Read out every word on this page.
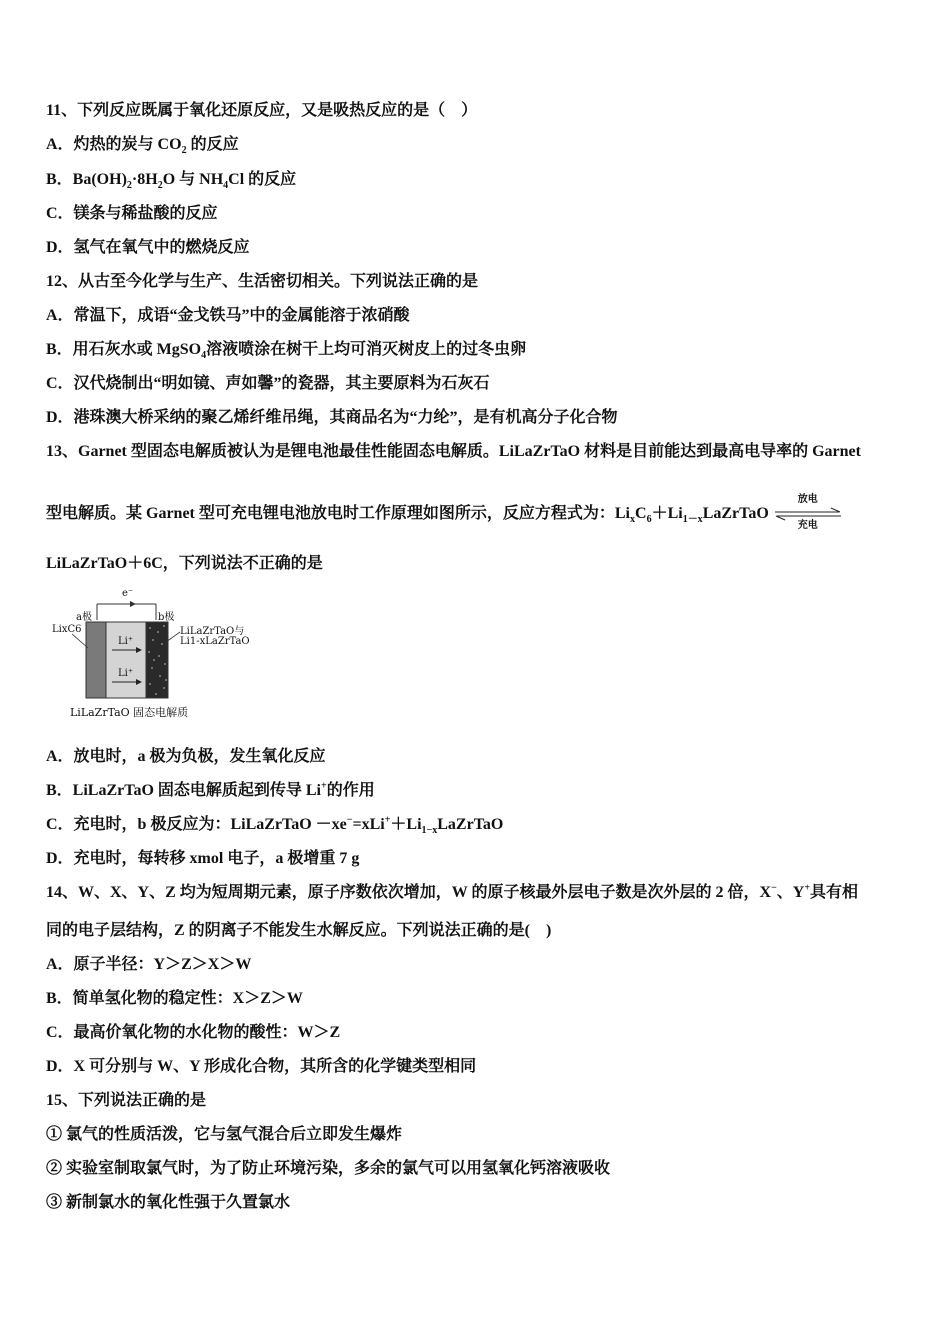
11、下列反应既属于氧化还原反应，又是吸热反应的是（　）
A．灼热的炭与 $CO_2$ 的反应
B．$Ba(OH)_2\cdot 8H_2O$ 与 $NH_4Cl$ 的反应
C．镁条与稀盐酸的反应
D．氢气在氧气中的燃烧反应
12、从古至今化学与生产、生活密切相关。下列说法正确的是
A．常温下，成语“金戈铁马”中的金属能溶于浓硝酸
B．用石灰水或 MgSO$_4$溶液喷涂在树干上均可消灭树皮上的过冬虫卵
C．汉代烧制出“明如镜、声如馨”的瓷器，其主要原料为石灰石
D．港珠澳大桥采纳的聚乙烯纤维吊绳，其商品名为“力纶”，是有机高分子化合物
13、Garnet 型固态电解质被认为是锂电池最佳性能固态电解质。LiLaZrTaO 材料是目前能达到最高电导率的 Garnet
型电解质。某 Garnet 型可充电锂电池放电时工作原理如图所示，反应方程式为：$Li_xC_6+Li_{1-x}LaZrTaO$
放电
充电
LiLaZrTaO＋6C，下列说法不正确的是
e⁻
a极	b极
LixC6	LiLaZrTaO与
Li1-xLaZrTaO
Li⁺
Li⁺
LiLaZrTaO 固态电解质
A．放电时，a 极为负极，发生氧化反应
B．LiLaZrTaO 固态电解质起到传导 Li+的作用
C．充电时，b 极反应为：LiLaZrTaO $-xe^-=xLi^++Li_{1-x}LaZrTaO$
D．充电时，每转移 xmol 电子，a 极增重 7 g
14、W、X、Y、Z 均为短周期元素，原子序数依次增加，W 的原子核最外层电子数是次外层的 2 倍，X−、Y+具有相
同的电子层结构，Z 的阴离子不能发生水解反应。下列说法正确的是(　)
A．原子半径：Y＞Z＞X＞W
B．简单氢化物的稳定性：X＞Z＞W
C．最高价氧化物的水化物的酸性：W＞Z
D．X 可分别与 W、Y 形成化合物，其所含的化学键类型相同
15、下列说法正确的是
① 氯气的性质活泼，它与氢气混合后立即发生爆炸
② 实验室制取氯气时，为了防止环境污染，多余的氯气可以用氢氧化钙溶液吸收
③ 新制氯水的氧化性强于久置氯水
